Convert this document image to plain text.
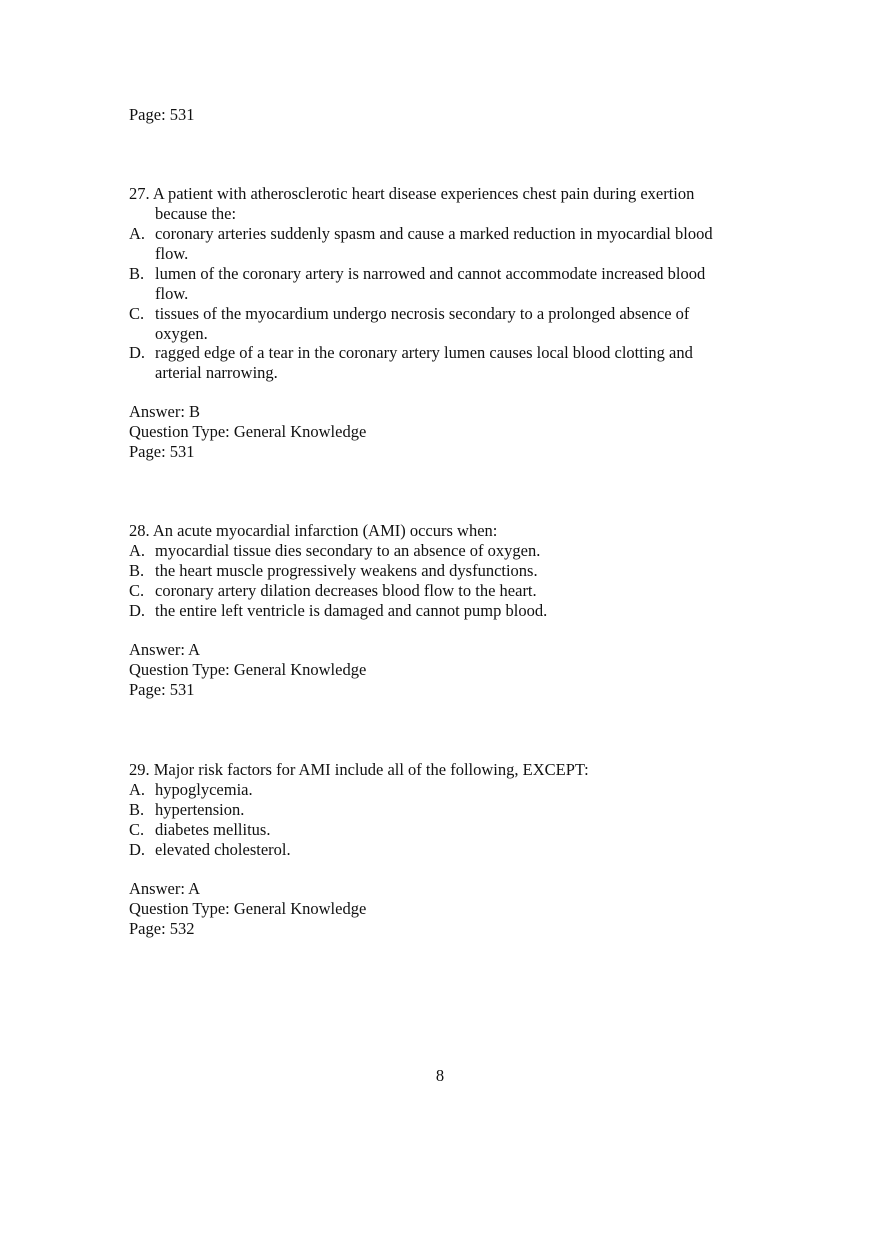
Page: 531
27. A patient with atherosclerotic heart disease experiences chest pain during exertion
because the:
A. coronary arteries suddenly spasm and cause a marked reduction in myocardial blood
flow.
B. lumen of the coronary artery is narrowed and cannot accommodate increased blood
flow.
C. tissues of the myocardium undergo necrosis secondary to a prolonged absence of
oxygen.
D. ragged edge of a tear in the coronary artery lumen causes local blood clotting and
arterial narrowing.
Answer: B
Question Type: General Knowledge
Page: 531
28. An acute myocardial infarction (AMI) occurs when:
A. myocardial tissue dies secondary to an absence of oxygen.
B. the heart muscle progressively weakens and dysfunctions.
C. coronary artery dilation decreases blood flow to the heart.
D. the entire left ventricle is damaged and cannot pump blood.
Answer: A
Question Type: General Knowledge
Page: 531
29. Major risk factors for AMI include all of the following, EXCEPT:
A. hypoglycemia.
B. hypertension.
C. diabetes mellitus.
D. elevated cholesterol.
Answer: A
Question Type: General Knowledge
Page: 532
8
